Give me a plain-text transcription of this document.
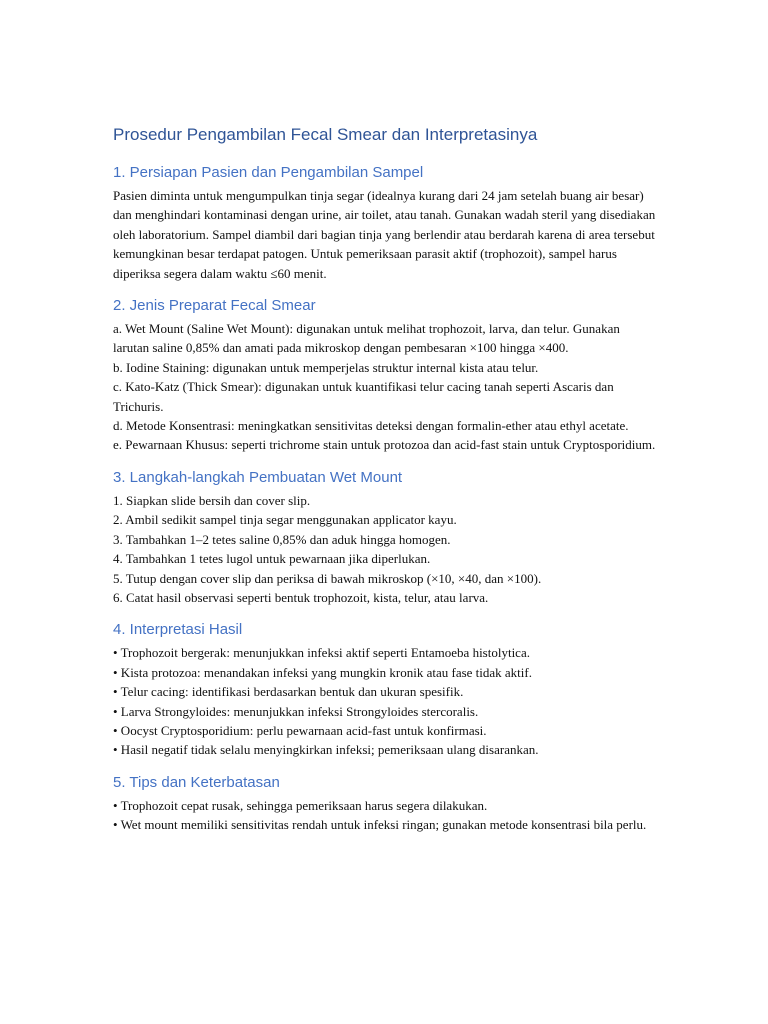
Prosedur Pengambilan Fecal Smear dan Interpretasinya
1. Persiapan Pasien dan Pengambilan Sampel

Pasien diminta untuk mengumpulkan tinja segar (idealnya kurang dari 24 jam setelah buang air besar) dan menghindari kontaminasi dengan urine, air toilet, atau tanah. Gunakan wadah steril yang disediakan oleh laboratorium. Sampel diambil dari bagian tinja yang berlendir atau berdarah karena di area tersebut kemungkinan besar terdapat patogen. Untuk pemeriksaan parasit aktif (trophozoit), sampel harus diperiksa segera dalam waktu ≤60 menit.

2. Jenis Preparat Fecal Smear

a. Wet Mount (Saline Wet Mount): digunakan untuk melihat trophozoit, larva, dan telur. Gunakan larutan saline 0,85% dan amati pada mikroskop dengan pembesaran ×100 hingga ×400.

b. Iodine Staining: digunakan untuk memperjelas struktur internal kista atau telur.

c. Kato-Katz (Thick Smear): digunakan untuk kuantifikasi telur cacing tanah seperti Ascaris dan Trichuris.

d. Metode Konsentrasi: meningkatkan sensitivitas deteksi dengan formalin-ether atau ethyl acetate.

e. Pewarnaan Khusus: seperti trichrome stain untuk protozoa dan acid-fast stain untuk Cryptosporidium.

3. Langkah-langkah Pembuatan Wet Mount

1. Siapkan slide bersih dan cover slip.

2. Ambil sedikit sampel tinja segar menggunakan applicator kayu.

3. Tambahkan 1–2 tetes saline 0,85% dan aduk hingga homogen.

4. Tambahkan 1 tetes lugol untuk pewarnaan jika diperlukan.

5. Tutup dengan cover slip dan periksa di bawah mikroskop (×10, ×40, dan ×100).

6. Catat hasil observasi seperti bentuk trophozoit, kista, telur, atau larva.

4. Interpretasi Hasil

• Trophozoit bergerak: menunjukkan infeksi aktif seperti Entamoeba histolytica.

• Kista protozoa: menandakan infeksi yang mungkin kronik atau fase tidak aktif.

• Telur cacing: identifikasi berdasarkan bentuk dan ukuran spesifik.

• Larva Strongyloides: menunjukkan infeksi Strongyloides stercoralis.

• Oocyst Cryptosporidium: perlu pewarnaan acid-fast untuk konfirmasi.

• Hasil negatif tidak selalu menyingkirkan infeksi; pemeriksaan ulang disarankan.

5. Tips dan Keterbatasan

• Trophozoit cepat rusak, sehingga pemeriksaan harus segera dilakukan.

• Wet mount memiliki sensitivitas rendah untuk infeksi ringan; gunakan metode konsentrasi bila perlu.
